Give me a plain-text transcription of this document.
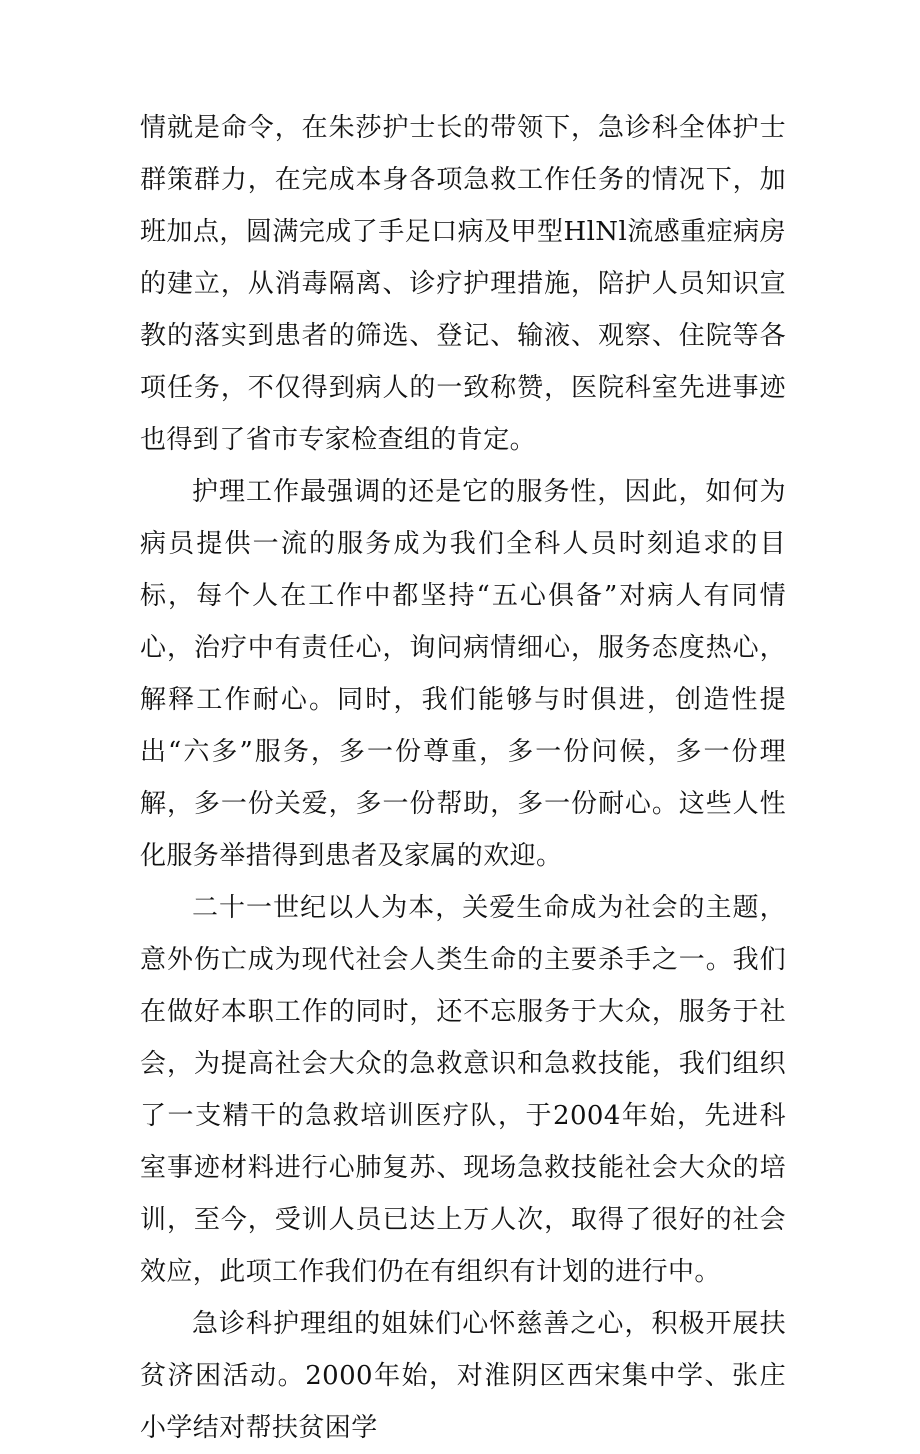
情就是命令，在朱莎护士长的带领下，急诊科全体护士群策群力，在完成本身各项急救工作任务的情况下，加班加点，圆满完成了手足口病及甲型HlNl流感重症病房的建立，从消毒隔离、诊疗护理措施，陪护人员知识宣教的落实到患者的筛选、登记、输液、观察、住院等各项任务，不仅得到病人的一致称赞，医院科室先进事迹也得到了省市专家检查组的肯定。

护理工作最强调的还是它的服务性，因此，如何为病员提供一流的服务成为我们全科人员时刻追求的目标，每个人在工作中都坚持“五心俱备”对病人有同情心，治疗中有责任心，询问病情细心，服务态度热心，解释工作耐心。同时，我们能够与时俱进，创造性提出“六多”服务，多一份尊重，多一份问候，多一份理解，多一份关爱，多一份帮助，多一份耐心。这些人性化服务举措得到患者及家属的欢迎。

二十一世纪以人为本，关爱生命成为社会的主题，意外伤亡成为现代社会人类生命的主要杀手之一。我们在做好本职工作的同时，还不忘服务于大众，服务于社会，为提高社会大众的急救意识和急救技能，我们组织了一支精干的急救培训医疗队，于2004年始，先进科室事迹材料进行心肺复苏、现场急救技能社会大众的培训，至今，受训人员已达上万人次，取得了很好的社会效应，此项工作我们仍在有组织有计划的进行中。

急诊科护理组的姐妹们心怀慈善之心，积极开展扶贫济困活动。2000年始，对淮阴区西宋集中学、张庄小学结对帮扶贫困学
